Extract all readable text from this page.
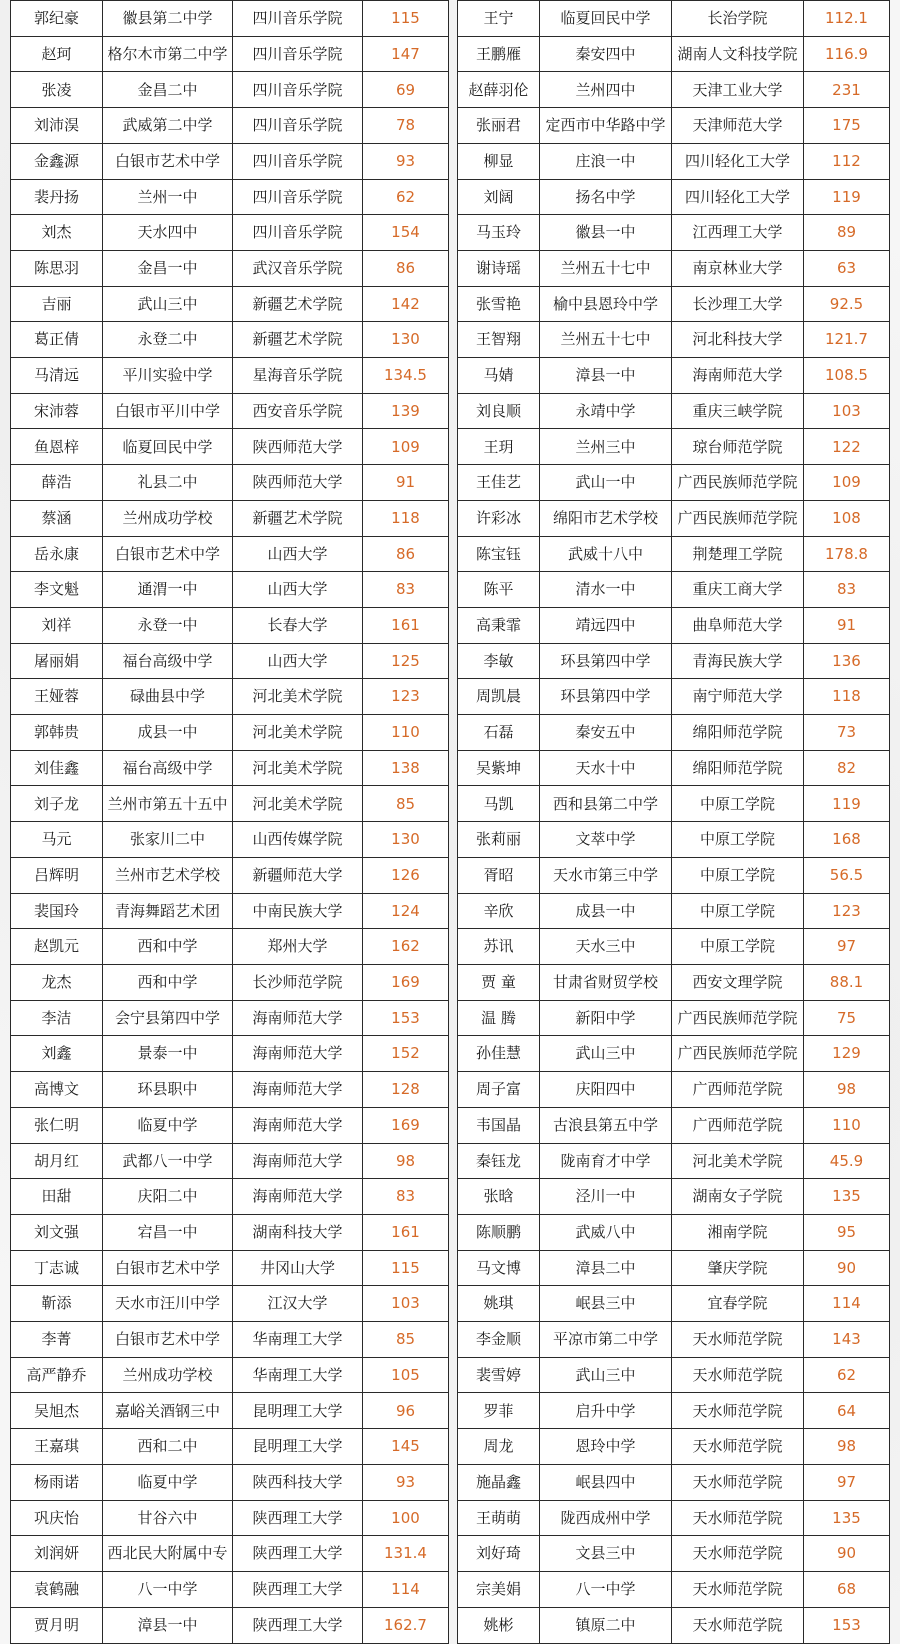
郭纪豪	徽县第二中学	四川音乐学院	115
赵珂	格尔木市第二中学	四川音乐学院	147
张凌	金昌二中	四川音乐学院	69
刘沛淏	武威第二中学	四川音乐学院	78
金鑫源	白银市艺术中学	四川音乐学院	93
裴丹扬	兰州一中	四川音乐学院	62
刘杰	天水四中	四川音乐学院	154
陈思羽	金昌一中	武汉音乐学院	86
吉丽	武山三中	新疆艺术学院	142
葛正倩	永登二中	新疆艺术学院	130
马清远	平川实验中学	星海音乐学院	134.5
宋沛蓉	白银市平川中学	西安音乐学院	139
鱼恩梓	临夏回民中学	陕西师范大学	109
薛浩	礼县二中	陕西师范大学	91
蔡涵	兰州成功学校	新疆艺术学院	118
岳永康	白银市艺术中学	山西大学	86
李文魁	通渭一中	山西大学	83
刘祥	永登一中	长春大学	161
屠丽娟	福台高级中学	山西大学	125
王娅蓉	碌曲县中学	河北美术学院	123
郭韩贵	成县一中	河北美术学院	110
刘佳鑫	福台高级中学	河北美术学院	138
刘子龙	兰州市第五十五中	河北美术学院	85
马元	张家川二中	山西传媒学院	130
吕辉明	兰州市艺术学校	新疆师范大学	126
裴国玲	青海舞蹈艺术团	中南民族大学	124
赵凯元	西和中学	郑州大学	162
龙杰	西和中学	长沙师范学院	169
李洁	会宁县第四中学	海南师范大学	153
刘鑫	景泰一中	海南师范大学	152
高博文	环县职中	海南师范大学	128
张仁明	临夏中学	海南师范大学	169
胡月红	武都八一中学	海南师范大学	98
田甜	庆阳二中	海南师范大学	83
刘文强	宕昌一中	湖南科技大学	161
丁志诚	白银市艺术中学	井冈山大学	115
靳添	天水市汪川中学	江汉大学	103
李菁	白银市艺术中学	华南理工大学	85
高严静乔	兰州成功学校	华南理工大学	105
吴旭杰	嘉峪关酒钢三中	昆明理工大学	96
王嘉琪	西和二中	昆明理工大学	145
杨雨诺	临夏中学	陕西科技大学	93
巩庆怡	甘谷六中	陕西理工大学	100
刘润妍	西北民大附属中专	陕西理工大学	131.4
袁鹤融	八一中学	陕西理工大学	114
贾月明	漳县一中	陕西理工大学	162.7
王宁	临夏回民中学	长治学院	112.1
王鹏雁	秦安四中	湖南人文科技学院	116.9
赵薛羽伦	兰州四中	天津工业大学	231
张丽君	定西市中华路中学	天津师范大学	175
柳显	庄浪一中	四川轻化工大学	112
刘阔	扬名中学	四川轻化工大学	119
马玉玲	徽县一中	江西理工大学	89
谢诗瑶	兰州五十七中	南京林业大学	63
张雪艳	榆中县恩玲中学	长沙理工大学	92.5
王智翔	兰州五十七中	河北科技大学	121.7
马婧	漳县一中	海南师范大学	108.5
刘良顺	永靖中学	重庆三峡学院	103
王玥	兰州三中	琼台师范学院	122
王佳艺	武山一中	广西民族师范学院	109
许彩冰	绵阳市艺术学校	广西民族师范学院	108
陈宝钰	武威十八中	荆楚理工学院	178.8
陈平	清水一中	重庆工商大学	83
高秉霏	靖远四中	曲阜师范大学	91
李敏	环县第四中学	青海民族大学	136
周凯晨	环县第四中学	南宁师范大学	118
石磊	秦安五中	绵阳师范学院	73
吴紫坤	天水十中	绵阳师范学院	82
马凯	西和县第二中学	中原工学院	119
张莉丽	文萃中学	中原工学院	168
胥昭	天水市第三中学	中原工学院	56.5
辛欣	成县一中	中原工学院	123
苏讯	天水三中	中原工学院	97
贾 童	甘肃省财贸学校	西安文理学院	88.1
温 腾	新阳中学	广西民族师范学院	75
孙佳慧	武山三中	广西民族师范学院	129
周子富	庆阳四中	广西师范学院	98
韦国晶	古浪县第五中学	广西师范学院	110
秦钰龙	陇南育才中学	河北美术学院	45.9
张晗	泾川一中	湖南女子学院	135
陈顺鹏	武威八中	湘南学院	95
马文博	漳县二中	肇庆学院	90
姚琪	岷县三中	宜春学院	114
李金顺	平凉市第二中学	天水师范学院	143
裴雪婷	武山三中	天水师范学院	62
罗菲	启升中学	天水师范学院	64
周龙	恩玲中学	天水师范学院	98
施晶鑫	岷县四中	天水师范学院	97
王萌萌	陇西成州中学	天水师范学院	135
刘好琦	文县三中	天水师范学院	90
宗美娟	八一中学	天水师范学院	68
姚彬	镇原二中	天水师范学院	153
